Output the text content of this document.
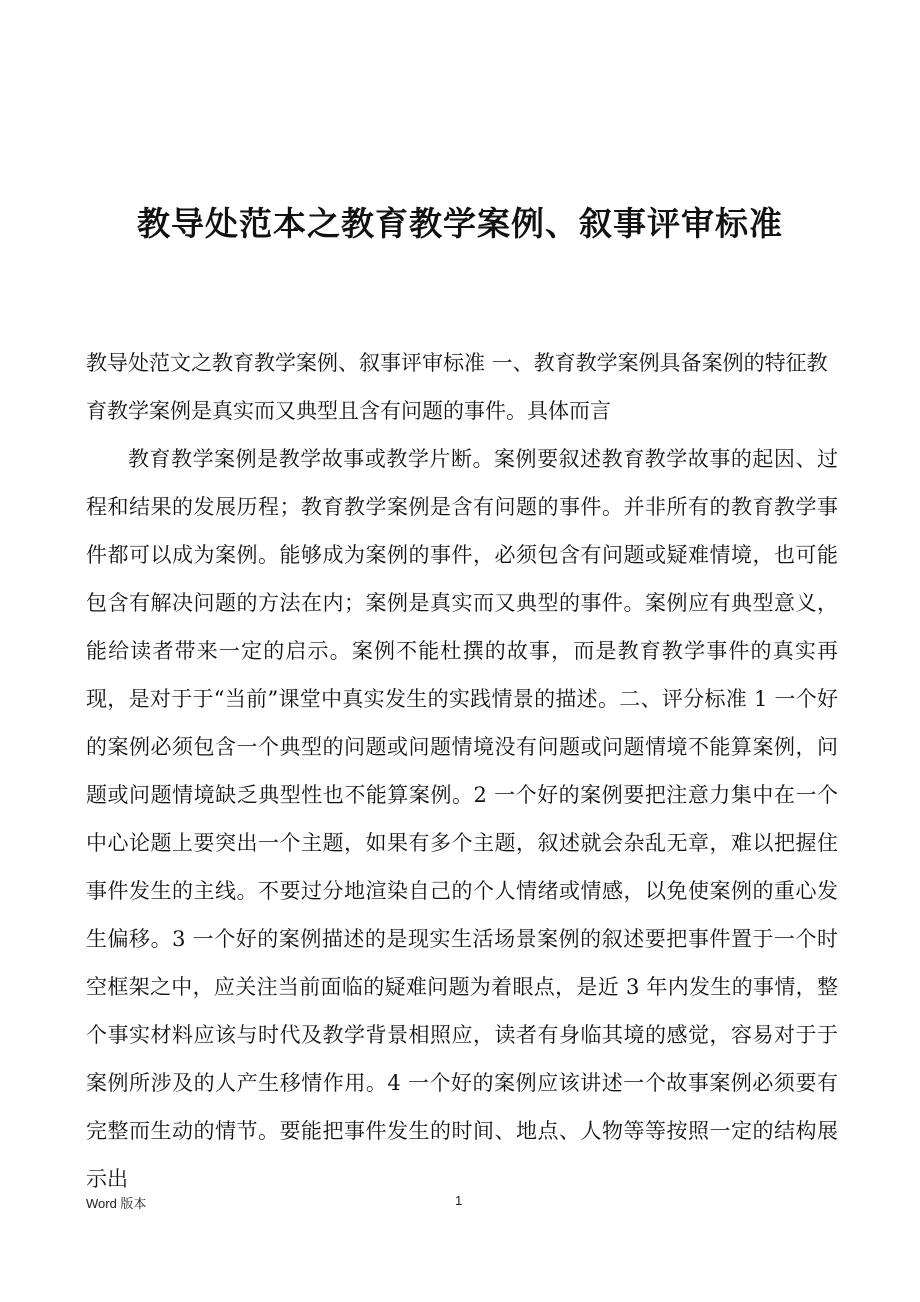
教导处范本之教育教学案例、叙事评审标准

教导处范文之教育教学案例、叙事评审标准 一、教育教学案例具备案例的特征教育教学案例是真实而又典型且含有问题的事件。具体而言

教育教学案例是教学故事或教学片断。案例要叙述教育教学故事的起因、过程和结果的发展历程；教育教学案例是含有问题的事件。并非所有的教育教学事件都可以成为案例。能够成为案例的事件，必须包含有问题或疑难情境，也可能包含有解决问题的方法在内；案例是真实而又典型的事件。案例应有典型意义，能给读者带来一定的启示。案例不能杜撰的故事，而是教育教学事件的真实再现，是对于于“当前”课堂中真实发生的实践情景的描述。二、评分标准 1 一个好的案例必须包含一个典型的问题或问题情境没有问题或问题情境不能算案例，问题或问题情境缺乏典型性也不能算案例。2 一个好的案例要把注意力集中在一个中心论题上要突出一个主题，如果有多个主题，叙述就会杂乱无章，难以把握住事件发生的主线。不要过分地渲染自己的个人情绪或情感，以免使案例的重心发生偏移。3 一个好的案例描述的是现实生活场景案例的叙述要把事件置于一个时空框架之中，应关注当前面临的疑难问题为着眼点，是近 3 年内发生的事情，整个事实材料应该与时代及教学背景相照应，读者有身临其境的感觉，容易对于于案例所涉及的人产生移情作用。4 一个好的案例应该讲述一个故事案例必须要有完整而生动的情节。要能把事件发生的时间、地点、人物等等按照一定的结构展示出

Word 版本	1
